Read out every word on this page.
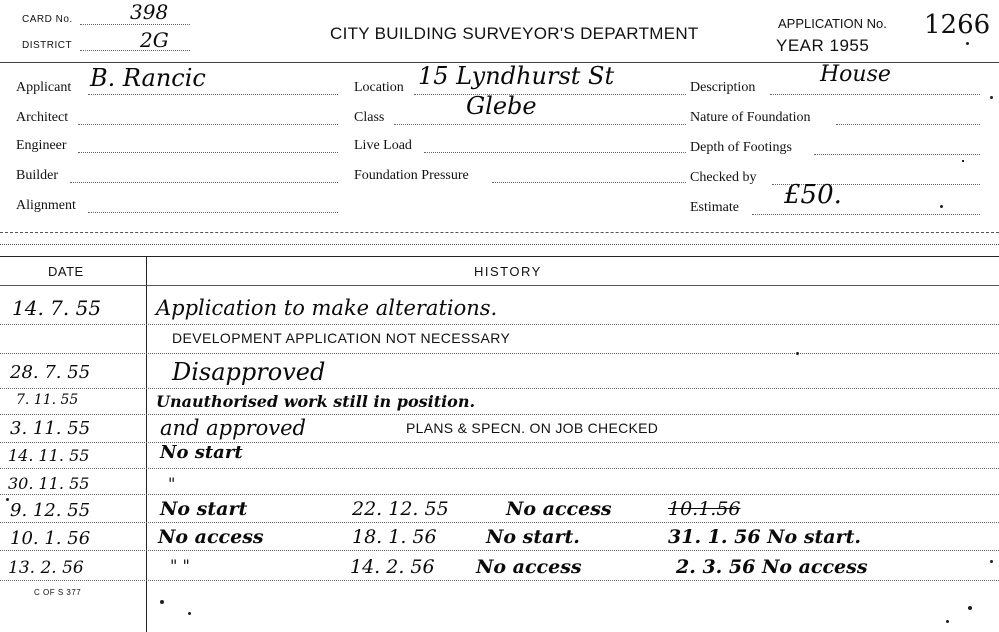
CARD No.	398
DISTRICT	2G	CITY BUILDING SURVEYOR'S DEPARTMENT
APPLICATION No. 1266
YEAR 1955
Applicant B. Rancic
Architect
Engineer
Builder
Alignment
Location 15 Lyndhurst St
Class	Glebe
Live Load
Foundation Pressure
Description
House
Nature of Foundation
Depth of Footings
Checked by
Estimate £50.
DATE	HISTORY
14. 7. 55	Application to make alterations.
DEVELOPMENT APPLICATION NOT NECESSARY
28. 7. 55	Disapproved
7. 11. 55	Unauthorised work still in position.
3. 11. 55	and approved	PLANS & SPECN. ON JOB CHECKED
14. 11. 55	No start
30. 11. 55	"
9. 12. 55	No start	22. 12. 55	No access	10.1.56
10. 1. 56	No access	18. 1. 56	No start.	31. 1. 56 No start.
13. 2. 56	" "	14. 2. 56 No access	2. 3. 56 No access
C OF S 377
